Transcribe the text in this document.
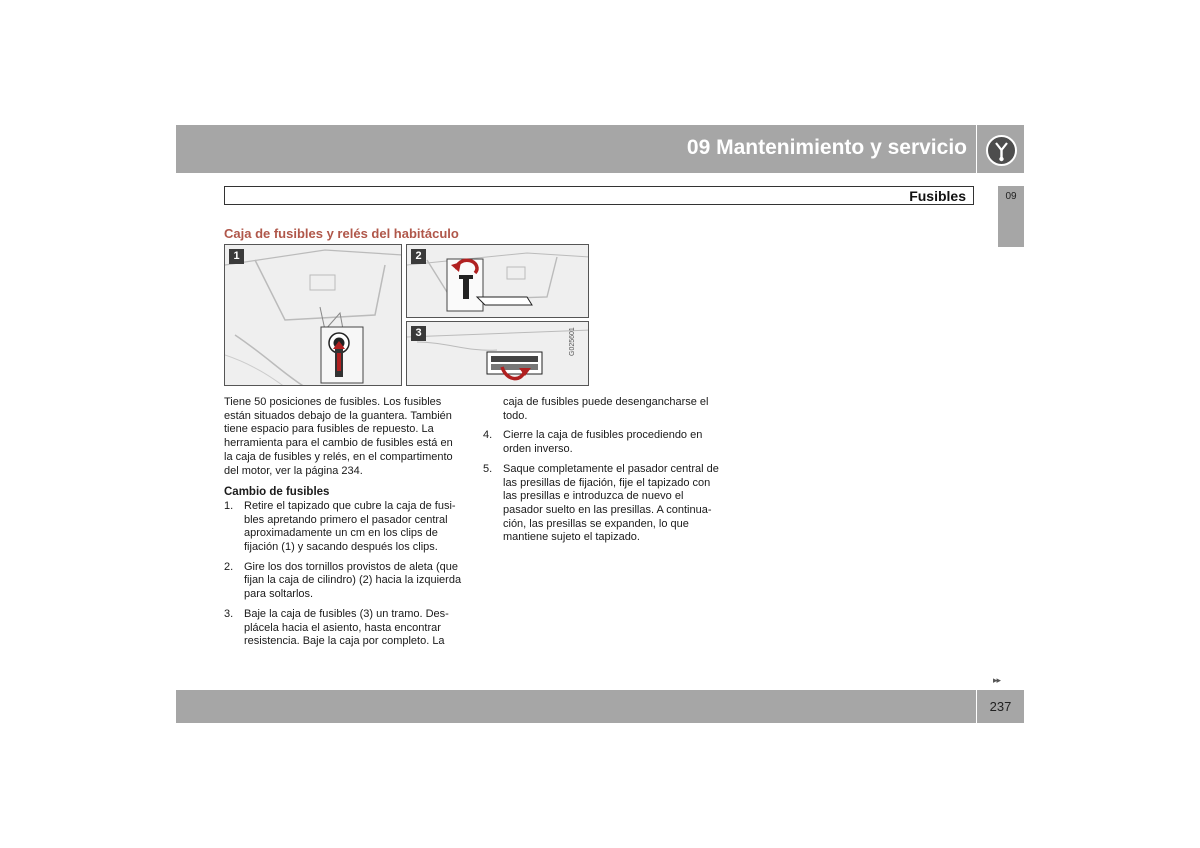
09 Mantenimiento y servicio
Fusibles	09
Caja de fusibles y relés del habitáculo
1	2
3	G025601

Tiene 50 posiciones de fusibles. Los fusibles están situados debajo de la guantera. También tiene espacio para fusibles de repuesto. La herramienta para el cambio de fusibles está en la caja de fusibles y relés, en el compartimento del motor, ver la página 234.

Cambio de fusibles

1. Retire el tapizado que cubre la caja de fusi-bles apretando primero el pasador central aproximadamente un cm en los clips de fijación (1) y sacando después los clips.
2. Gire los dos tornillos provistos de aleta (que fijan la caja de cilindro) (2) hacia la izquierda para soltarlos.
3. Baje la caja de fusibles (3) un tramo. Des-plácela hacia el asiento, hasta encontrar resistencia. Baje la caja por completo. La
caja de fusibles puede desengancharse el todo.
4. Cierre la caja de fusibles procediendo en orden inverso.
5. Saque completamente el pasador central de las presillas de fijación, fije el tapizado con las presillas e introduzca de nuevo el pasador suelto en las presillas. A continua-ción, las presillas se expanden, lo que mantiene sujeto el tapizado.
▸▸
237
